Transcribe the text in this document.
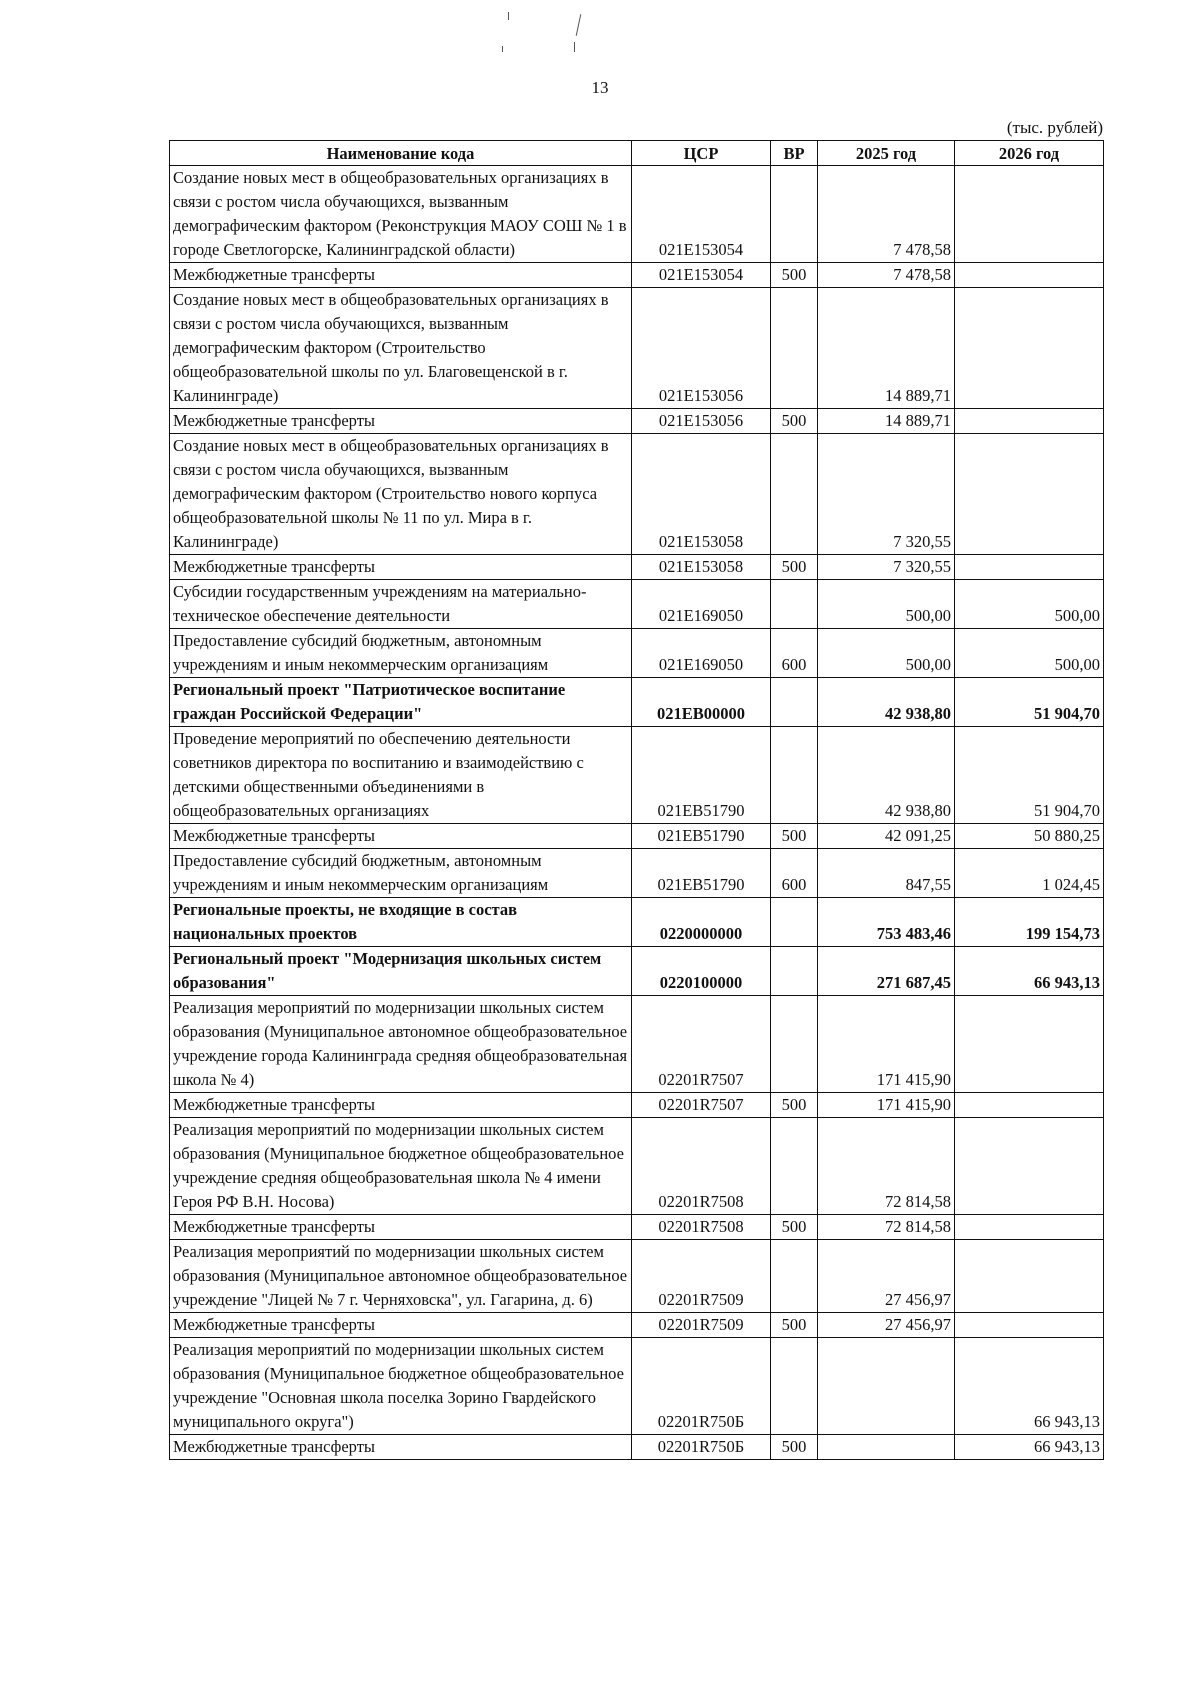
13
(тыс. рублей)
Наименование кода	ЦСР	ВР	2025 год	2026 год
Создание новых мест в общеобразовательных организациях в связи с ростом числа обучающихся, вызванным демографическим фактором (Реконструкция МАОУ СОШ № 1 в городе Светлогорске, Калининградской области)	021E153054		7 478,58	
Межбюджетные трансферты	021E153054	500	7 478,58	
Создание новых мест в общеобразовательных организациях в связи с ростом числа обучающихся, вызванным демографическим фактором (Строительство общеобразовательной школы по ул. Благовещенской в г. Калининграде)	021E153056		14 889,71	
Межбюджетные трансферты	021E153056	500	14 889,71	
Создание новых мест в общеобразовательных организациях в связи с ростом числа обучающихся, вызванным демографическим фактором (Строительство нового корпуса общеобразовательной школы № 11 по ул. Мира в г. Калининграде)	021E153058		7 320,55	
Межбюджетные трансферты	021E153058	500	7 320,55	
Субсидии государственным учреждениям на материально-техническое обеспечение деятельности	021E169050		500,00	500,00
Предоставление субсидий бюджетным, автономным учреждениям и иным некоммерческим организациям	021E169050	600	500,00	500,00
Региональный проект "Патриотическое воспитание граждан Российской Федерации"	021EB00000		42 938,80	51 904,70
Проведение мероприятий по обеспечению деятельности советников директора по воспитанию и взаимодействию с детскими общественными объединениями в общеобразовательных организациях	021EB51790		42 938,80	51 904,70
Межбюджетные трансферты	021EB51790	500	42 091,25	50 880,25
Предоставление субсидий бюджетным, автономным учреждениям и иным некоммерческим организациям	021EB51790	600	847,55	1 024,45
Региональные проекты, не входящие в состав национальных проектов	0220000000		753 483,46	199 154,73
Региональный проект "Модернизация школьных систем образования"	0220100000		271 687,45	66 943,13
Реализация мероприятий по модернизации школьных систем образования (Муниципальное автономное общеобразовательное учреждение города Калининграда средняя общеобразовательная школа № 4)	02201R7507		171 415,90	
Межбюджетные трансферты	02201R7507	500	171 415,90	
Реализация мероприятий по модернизации школьных систем образования (Муниципальное бюджетное общеобразовательное учреждение средняя общеобразовательная школа № 4 имени Героя РФ В.Н. Носова)	02201R7508		72 814,58	
Межбюджетные трансферты	02201R7508	500	72 814,58	
Реализация мероприятий по модернизации школьных систем образования (Муниципальное автономное общеобразовательное учреждение "Лицей № 7 г. Черняховска", ул. Гагарина, д. 6)	02201R7509		27 456,97	
Межбюджетные трансферты	02201R7509	500	27 456,97	
Реализация мероприятий по модернизации школьных систем образования (Муниципальное бюджетное общеобразовательное учреждение "Основная школа поселка Зорино Гвардейского муниципального округа")	02201R750Б			66 943,13
Межбюджетные трансферты	02201R750Б	500		66 943,13
